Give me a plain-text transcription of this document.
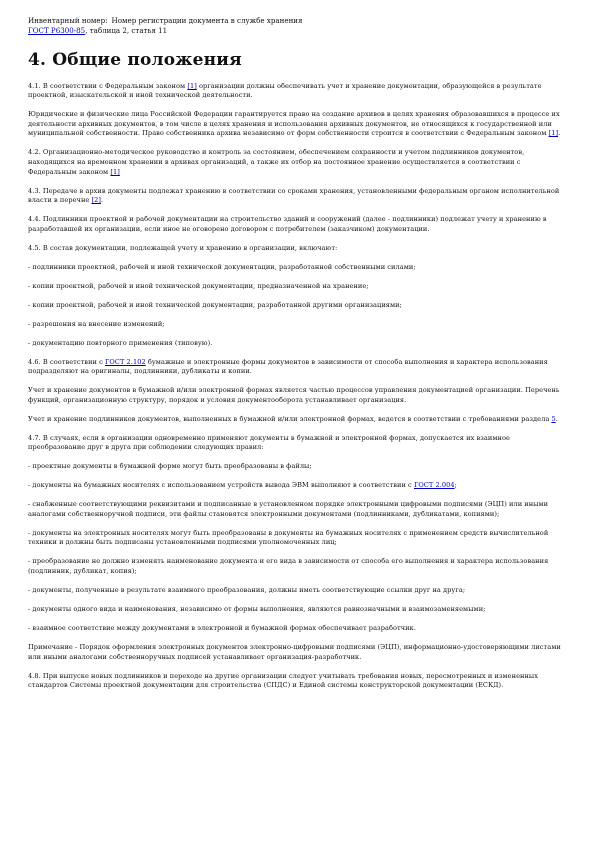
Инвентарный номер: Номер регистрации документа в службе хранения
ГОСТ Р6300-85, таблица 2, статья 11
4. Общие положения
4.1. В соответствии с Федеральным законом [1] организации должны обеспечивать учет и хранение документации, образующейся в результате проектной, изыскательской и иной технической деятельности.
Юридические и физические лица Российской Федерации гарантируется право на создание архивов в целях хранения образовавшихся в процессе их деятельности архивных документов, в том числе в целях хранения и использования архивных документов, не относящихся к государственной или муниципальной собственности. Право собственника архива независимо от форм собственности строится в соответствии с Федеральным законом [1].
4.2. Организационно-методическое руководство и контроль за состоянием, обеспечением сохранности и учетом подлинников документов, находящихся на временном хранении в архивах организаций, а также их отбор на постоянное хранение осуществляется в соответствии с Федеральным законом [1]
4.3. Передаче в архив документы подлежат хранению в соответствии со сроками хранения, установленными федеральным органом исполнительной власти в перечне [2].
4.4. Подлинники проектной и рабочей документации на строительство зданий и сооружений (далее - подлинники) подлежат учету и хранению в разработавшей их организации, если иное не оговорено договором с потребителем (заказчиком) документации.
4.5. В состав документации, подлежащей учету и хранению в организации, включают:
- подлинники проектной, рабочей и иной технической документации, разработанной собственными силами;
- копии проектной, рабочей и иной технической документации, предназначенной на хранение;
- копии проектной, рабочей и иной технической документации, разработанной другими организациями;
- разрешения на внесение изменений;
- документацию повторного применения (типовую).
4.6. В соответствии с ГОСТ 2.102 бумажные и электронные формы документов в зависимости от способа выполнения и характера использования подразделяют на оригиналы, подлинники, дубликаты и копии.
Учет и хранение документов в бумажной и/или электронной формах является частью процессов управления документацией организации. Перечень функций, организационную структуру, порядок и условия документооборота устанавливает организация.
Учет и хранение подлинников документов, выполненных в бумажной и/или электронной формах, ведется в соответствии с требованиями раздела 5.
4.7. В случаях, если в организации одновременно применяют документы в бумажной и электронной формах, допускается их взаимное преобразование друг в друга при соблюдении следующих правил:
- проектные документы в бумажной форме могут быть преобразованы в файлы;
- документы на бумажных носителях с использованием устройств вывода ЭВМ выполняют в соответствии с ГОСТ 2.004;
- снабженные соответствующими реквизитами и подписанные в установленном порядке электронными цифровыми подписями (ЭЦП) или иными аналогами собственноручной подписи, эти файлы становятся электронными документами (подлинниками, дубликатами, копиями);
- документы на электронных носителях могут быть преобразованы в документы на бумажных носителях с применением средств вычислительной техники и должны быть подписаны установленными подписями уполномоченных лиц;
- преобразование не должно изменять наименование документа и его вида в зависимости от способа его выполнения и характера использования (подлинник, дубликат, копия);
- документы, полученные в результате взаимного преобразования, должны иметь соответствующие ссылки друг на друга;
- документы одного вида и наименования, независимо от формы выполнения, являются равнозначными и взаимозаменяемыми;
- взаимное соответствие между документами в электронной и бумажной формах обеспечивает разработчик.
Примечание - Порядок оформления электронных документов электронно-цифровыми подписями (ЭЦП), информационно-удостоверяющими листами или иными аналогами собственноручных подписей устанавливает организация-разработчик.
4.8. При выпуске новых подлинников и переходе на другие организации следует учитывать требования новых, пересмотренных и измененных стандартов Системы проектной документации для строительства (СПДС) и Единой системы конструкторской документации (ЕСКД).
